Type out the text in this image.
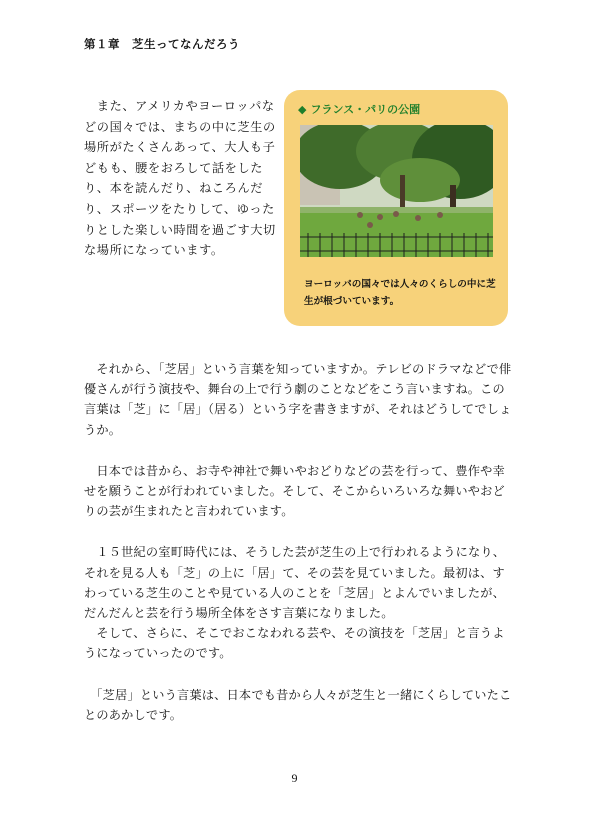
第１章　芝生ってなんだろう

　また、アメリカやヨーロッパなどの国々では、まちの中に芝生の場所がたくさんあって、大人も子どもも、腰をおろして話をしたり、本を読んだり、ねころんだり、スポーツをたりして、ゆったりとした楽しい時間を過ごす大切な場所になっています。

◆ フランス・パリの公園
ヨーロッパの国々では人々のくらしの中に芝生が根づいています。

　それから、「芝居」という言葉を知っていますか。テレビのドラマなどで俳優さんが行う演技や、舞台の上で行う劇のことなどをこう言いますね。この言葉は「芝」に「居」（居る）という字を書きますが、それはどうしてでしょうか。

　日本では昔から、お寺や神社で舞いやおどりなどの芸を行って、豊作や幸せを願うことが行われていました。そして、そこからいろいろな舞いやおどりの芸が生まれたと言われています。

　１５世紀の室町時代には、そうした芸が芝生の上で行われるようになり、それを見る人も「芝」の上に「居」て、その芸を見ていました。最初は、すわっている芝生のことや見ている人のことを「芝居」とよんでいましたが、だんだんと芸を行う場所全体をさす言葉になりました。
　そして、さらに、そこでおこなわれる芸や、その演技を「芝居」と言うようになっていったのです。

　「芝居」という言葉は、日本でも昔から人々が芝生と一緒にくらしていたことのあかしです。

9
